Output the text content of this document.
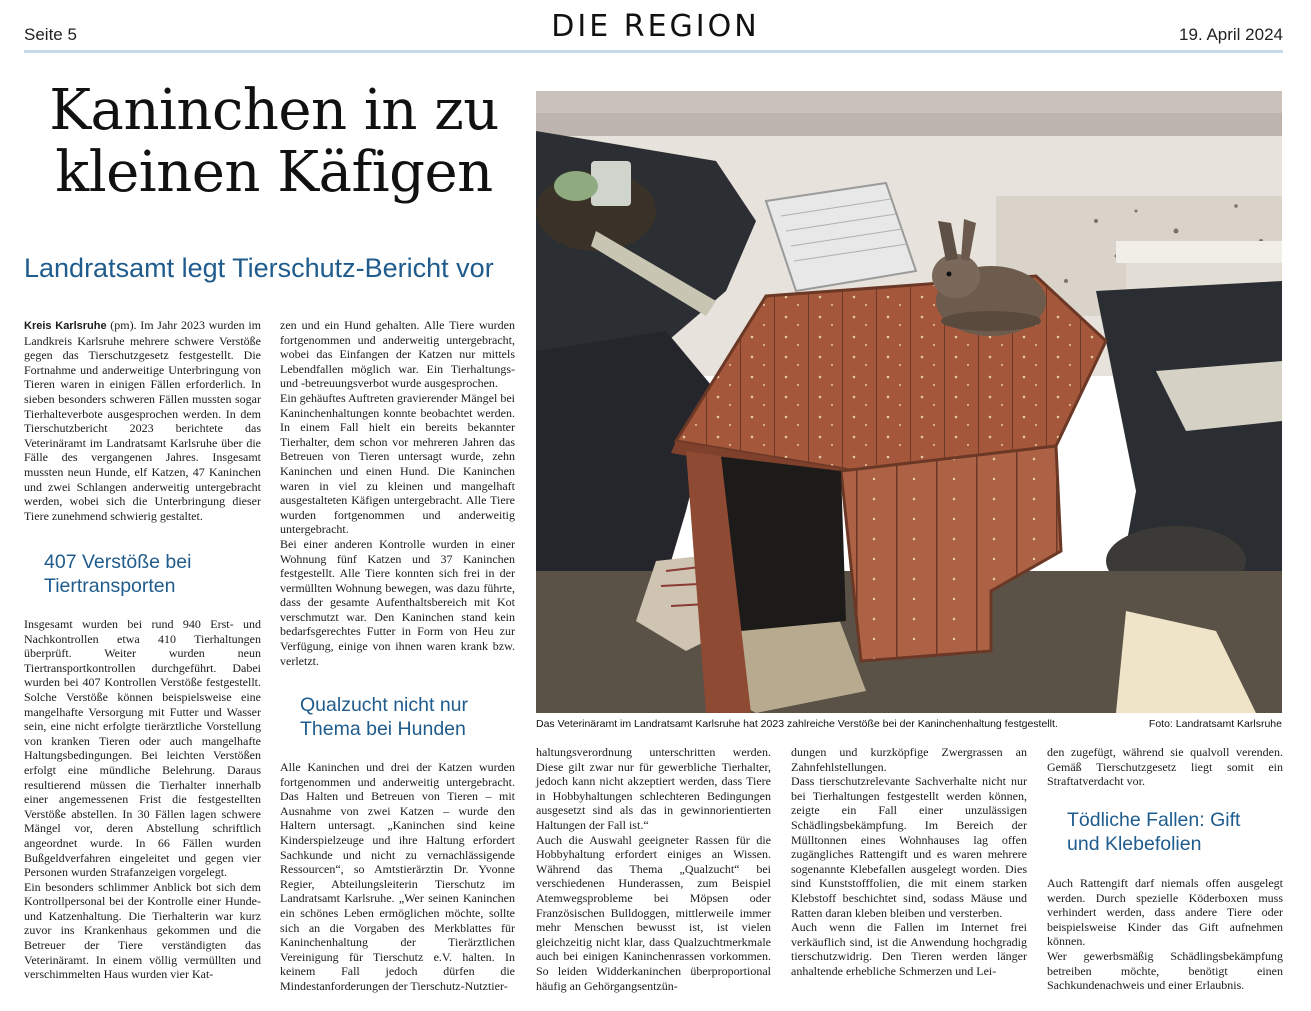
Seite 5	DIE REGION	19. April 2024
Kaninchen in zu kleinen Käfigen
Landratsamt legt Tierschutz-Bericht vor

Kreis Karlsruhe (pm). Im Jahr 2023 wurden im Landkreis Karlsruhe mehrere schwere Verstöße gegen das Tierschutzgesetz festgestellt. Die Fortnahme und anderweitige Unterbringung von Tieren waren in einigen Fällen erforderlich. In sieben besonders schweren Fällen mussten sogar Tierhalteverbote ausgesprochen werden. In dem Tierschutzbericht 2023 berichtete das Veterinäramt im Landratsamt Karlsruhe über die Fälle des vergangenen Jahres. Insgesamt mussten neun Hunde, elf Katzen, 47 Kaninchen und zwei Schlangen anderweitig untergebracht werden, wobei sich die Unterbringung dieser Tiere zunehmend schwierig gestaltet.

407 Verstöße bei Tiertransporten

Insgesamt wurden bei rund 940 Erst- und Nachkontrollen etwa 410 Tierhaltungen überprüft. Weiter wurden neun Tiertransportkontrollen durchgeführt. Dabei wurden bei 407 Kontrollen Verstöße festgestellt. Solche Verstöße können beispielsweise eine mangelhafte Versorgung mit Futter und Wasser sein, eine nicht erfolgte tierärztliche Vorstellung von kranken Tieren oder auch mangelhafte Haltungsbedingungen. Bei leichten Verstößen erfolgt eine mündliche Belehrung. Daraus resultierend müssen die Tierhalter innerhalb einer angemessenen Frist die festgestellten Verstöße abstellen. In 30 Fällen lagen schwere Mängel vor, deren Abstellung schriftlich angeordnet wurde. In 66 Fällen wurden Bußgeldverfahren eingeleitet und gegen vier Personen wurden Strafanzeigen vorgelegt.

Ein besonders schlimmer Anblick bot sich dem Kontrollpersonal bei der Kontrolle einer Hunde- und Katzenhaltung. Die Tierhalterin war kurz zuvor ins Krankenhaus gekommen und die Betreuer der Tiere verständigten das Veterinäramt. In einem völlig vermüllten und verschimmelten Haus wurden vier Kat-

zen und ein Hund gehalten. Alle Tiere wurden fortgenommen und anderweitig untergebracht, wobei das Einfangen der Katzen nur mittels Lebendfallen möglich war. Ein Tierhaltungs- und -betreuungsverbot wurde ausgesprochen.

Ein gehäuftes Auftreten gravierender Mängel bei Kaninchenhaltungen konnte beobachtet werden. In einem Fall hielt ein bereits bekannter Tierhalter, dem schon vor mehreren Jahren das Betreuen von Tieren untersagt wurde, zehn Kaninchen und einen Hund. Die Kaninchen waren in viel zu kleinen und mangelhaft ausgestalteten Käfigen untergebracht. Alle Tiere wurden fortgenommen und anderweitig untergebracht.

Bei einer anderen Kontrolle wurden in einer Wohnung fünf Katzen und 37 Kaninchen festgestellt. Alle Tiere konnten sich frei in der vermüllten Wohnung bewegen, was dazu führte, dass der gesamte Aufenthaltsbereich mit Kot verschmutzt war. Den Kaninchen stand kein bedarfsgerechtes Futter in Form von Heu zur Verfügung, einige von ihnen waren krank bzw. verletzt.

Qualzucht nicht nur Thema bei Hunden

Alle Kaninchen und drei der Katzen wurden fortgenommen und anderweitig untergebracht. Das Halten und Betreuen von Tieren – mit Ausnahme von zwei Katzen – wurde den Haltern untersagt. „Kaninchen sind keine Kinderspielzeuge und ihre Haltung erfordert Sachkunde und nicht zu vernachlässigende Ressourcen“, so Amtstierärztin Dr. Yvonne Regier, Abteilungsleiterin Tierschutz im Landratsamt Karlsruhe. „Wer seinen Kaninchen ein schönes Leben ermöglichen möchte, sollte sich an die Vorgaben des Merkblattes für Kaninchenhaltung der Tierärztlichen Vereinigung für Tierschutz e.V. halten. In keinem Fall jedoch dürfen die Mindestanforderungen der Tierschutz-Nutztier-

Das Veterinäramt im Landratsamt Karlsruhe hat 2023 zahlreiche Verstöße bei der Kaninchenhaltung festgestellt.	Foto: Landratsamt Karlsruhe

haltungsverordnung unterschritten werden. Diese gilt zwar nur für gewerbliche Tierhalter, jedoch kann nicht akzeptiert werden, dass Tiere in Hobbyhaltungen schlechteren Bedingungen ausgesetzt sind als das in gewinnorientierten Haltungen der Fall ist.“

Auch die Auswahl geeigneter Rassen für die Hobbyhaltung erfordert einiges an Wissen. Während das Thema „Qualzucht“ bei verschiedenen Hunderassen, zum Beispiel Atemwegsprobleme bei Möpsen oder Französischen Bulldoggen, mittlerweile immer mehr Menschen bewusst ist, ist vielen gleichzeitig nicht klar, dass Qualzuchtmerkmale auch bei einigen Kaninchenrassen vorkommen. So leiden Widderkaninchen überproportional häufig an Gehörgangsentzün-

dungen und kurzköpfige Zwergrassen an Zahnfehlstellungen.

Dass tierschutzrelevante Sachverhalte nicht nur bei Tierhaltungen festgestellt werden können, zeigte ein Fall einer unzulässigen Schädlingsbekämpfung. Im Bereich der Mülltonnen eines Wohnhauses lag offen zugängliches Rattengift und es waren mehrere sogenannte Klebefallen ausgelegt worden. Dies sind Kunststofffolien, die mit einem starken Klebstoff beschichtet sind, sodass Mäuse und Ratten daran kleben bleiben und versterben.

Auch wenn die Fallen im Internet frei verkäuflich sind, ist die Anwendung hochgradig tierschutzwidrig. Den Tieren werden länger anhaltende erhebliche Schmerzen und Lei-

den zugefügt, während sie qualvoll verenden. Gemäß Tierschutzgesetz liegt somit ein Straftatverdacht vor.

Tödliche Fallen: Gift und Klebefolien

Auch Rattengift darf niemals offen ausgelegt werden. Durch spezielle Köderboxen muss verhindert werden, dass andere Tiere oder beispielsweise Kinder das Gift aufnehmen können.

Wer gewerbsmäßig Schädlingsbekämpfung betreiben möchte, benötigt einen Sachkundenachweis und einer Erlaubnis.
